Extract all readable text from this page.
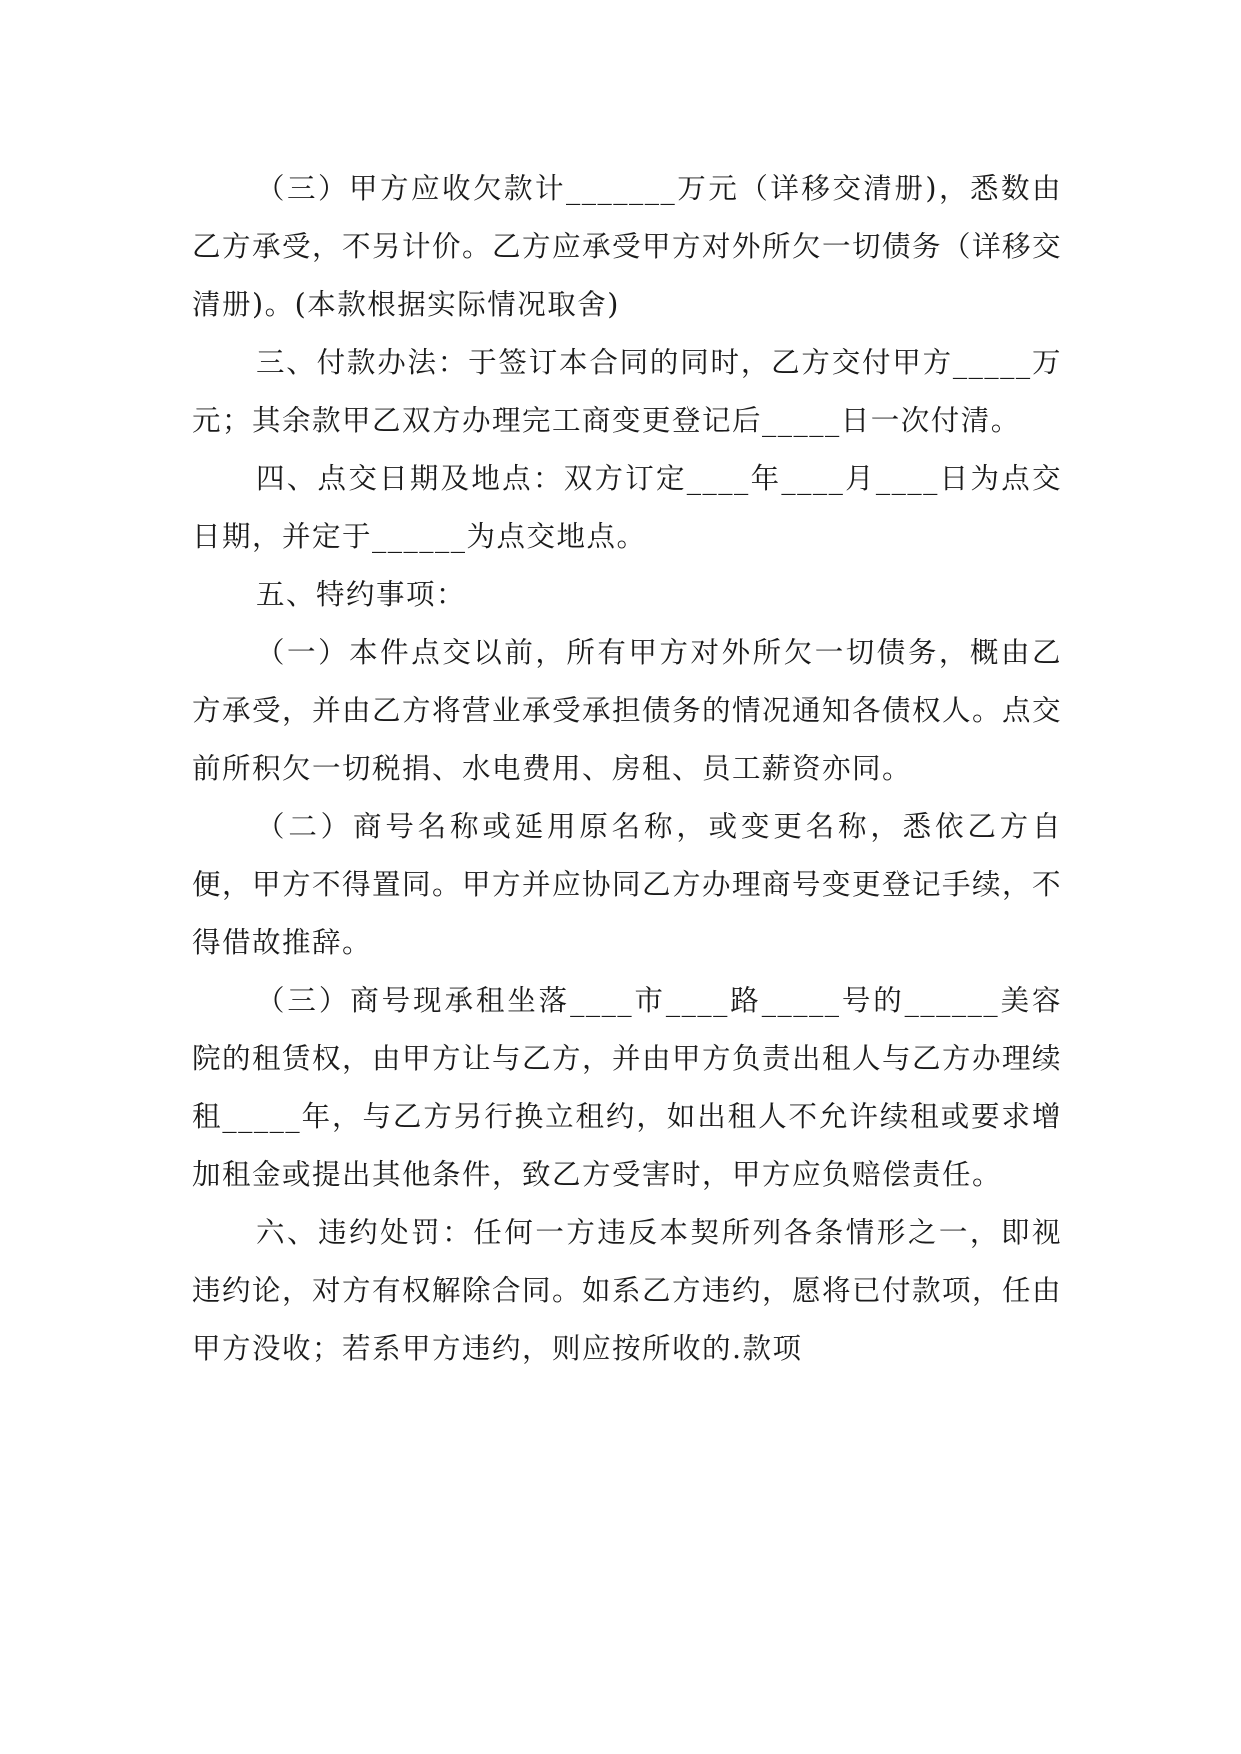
（三）甲方应收欠款计_______万元（详移交清册)，悉数由乙方承受，不另计价。乙方应承受甲方对外所欠一切债务（详移交清册)。(本款根据实际情况取舍)

三、付款办法：于签订本合同的同时，乙方交付甲方_____万元；其余款甲乙双方办理完工商变更登记后_____日一次付清。

四、点交日期及地点：双方订定____年____月____日为点交日期，并定于______为点交地点。

五、特约事项：

（一）本件点交以前，所有甲方对外所欠一切债务，概由乙方承受，并由乙方将营业承受承担债务的情况通知各债权人。点交前所积欠一切税捐、水电费用、房租、员工薪资亦同。

（二）商号名称或延用原名称，或变更名称，悉依乙方自便，甲方不得置同。甲方并应协同乙方办理商号变更登记手续，不得借故推辞。

（三）商号现承租坐落____市____路_____号的______美容院的租赁权，由甲方让与乙方，并由甲方负责出租人与乙方办理续租_____年，与乙方另行换立租约，如出租人不允许续租或要求增加租金或提出其他条件，致乙方受害时，甲方应负赔偿责任。

六、违约处罚：任何一方违反本契所列各条情形之一，即视违约论，对方有权解除合同。如系乙方违约，愿将已付款项，任由甲方没收；若系甲方违约，则应按所收的.款项
